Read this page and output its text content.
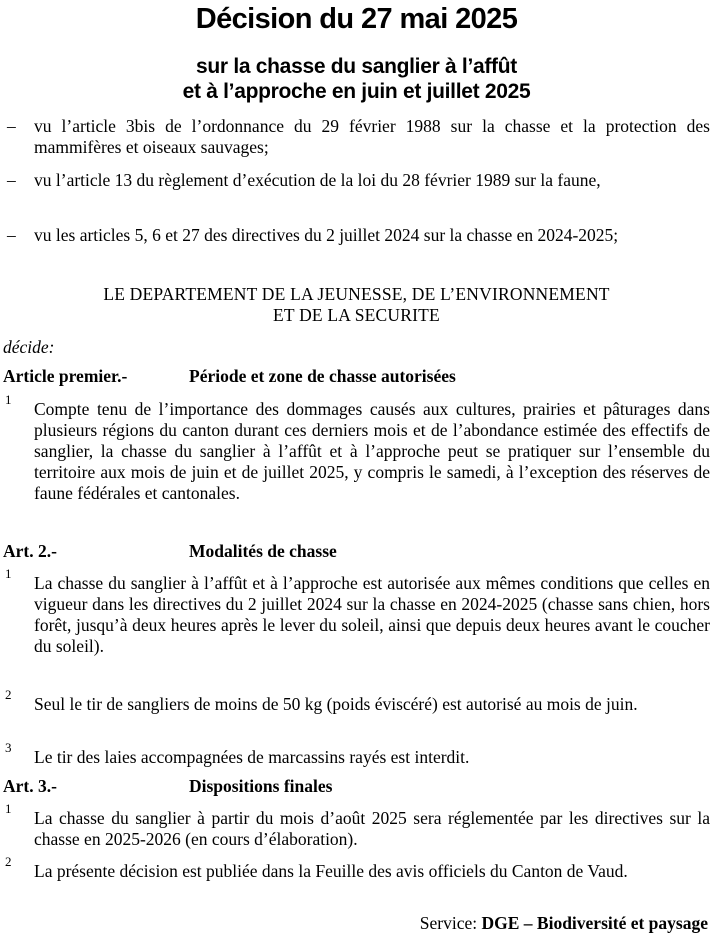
Décision du 27 mai 2025
sur la chasse du sanglier à l’affût
et à l’approche en juin et juillet 2025
– vu l’article 3bis de l’ordonnance du 29 février 1988 sur la chasse et la protection des mammifères et oiseaux sauvages;
– vu l’article 13 du règlement d’exécution de la loi du 28 février 1989 sur la faune,
– vu les articles 5, 6 et 27 des directives du 2 juillet 2024 sur la chasse en 2024-2025;
LE DEPARTEMENT DE LA JEUNESSE, DE L’ENVIRONNEMENT
ET DE LA SECURITE
décide:
Article premier.-	Période et zone de chasse autorisées
1 Compte tenu de l’importance des dommages causés aux cultures, prairies et pâturages dans plusieurs régions du canton durant ces derniers mois et de l’abondance estimée des effectifs de sanglier, la chasse du sanglier à l’affût et à l’approche peut se pratiquer sur l’ensemble du territoire aux mois de juin et de juillet 2025, y compris le samedi, à l’exception des réserves de faune fédérales et cantonales.
Art. 2.-	Modalités de chasse
1 La chasse du sanglier à l’affût et à l’approche est autorisée aux mêmes conditions que celles en vigueur dans les directives du 2 juillet 2024 sur la chasse en 2024-2025 (chasse sans chien, hors forêt, jusqu’à deux heures après le lever du soleil, ainsi que depuis deux heures avant le coucher du soleil).
2 Seul le tir de sangliers de moins de 50 kg (poids éviscéré) est autorisé au mois de juin.
3 Le tir des laies accompagnées de marcassins rayés est interdit.
Art. 3.-	Dispositions finales
1 La chasse du sanglier à partir du mois d’août 2025 sera réglementée par les directives sur la chasse en 2025-2026 (en cours d’élaboration).
2 La présente décision est publiée dans la Feuille des avis officiels du Canton de Vaud.
Service: DGE – Biodiversité et paysage
